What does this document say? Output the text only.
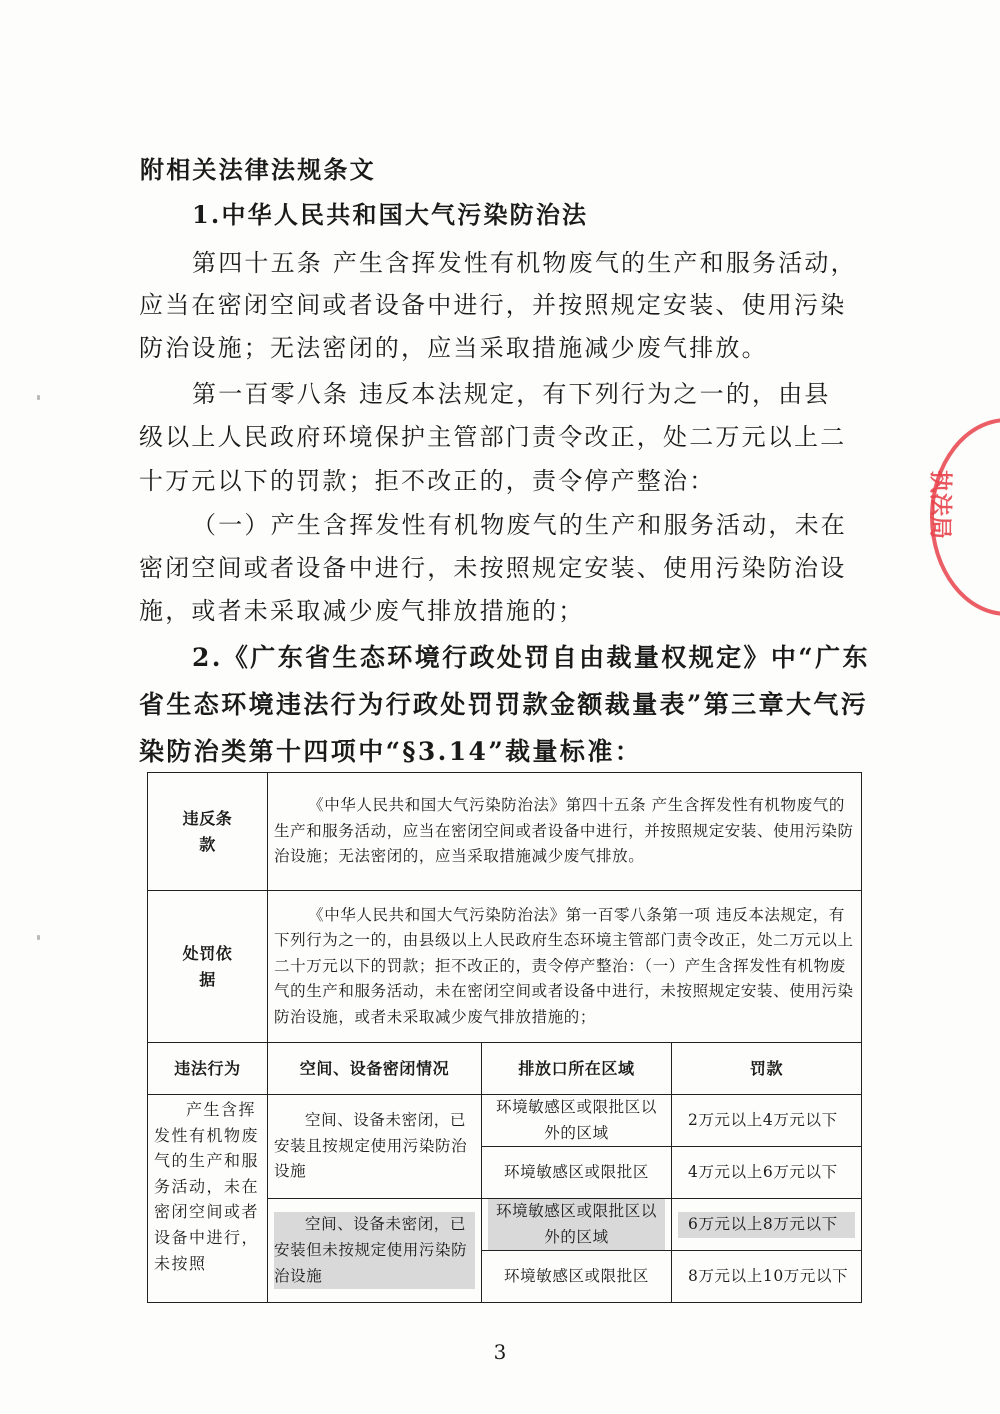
附相关法律法规条文
1.中华人民共和国大气污染防治法
第四十五条 产生含挥发性有机物废气的生产和服务活动，
应当在密闭空间或者设备中进行，并按照规定安装、使用污染
防治设施；无法密闭的，应当采取措施减少废气排放。
第一百零八条 违反本法规定，有下列行为之一的，由县
级以上人民政府环境保护主管部门责令改正，处二万元以上二
十万元以下的罚款；拒不改正的，责令停产整治：
（一）产生含挥发性有机物废气的生产和服务活动，未在
密闭空间或者设备中进行，未按照规定安装、使用污染防治设
施，或者未采取减少废气排放措施的；
2.《广东省生态环境行政处罚自由裁量权规定》中“广东
省生态环境违法行为行政处罚罚款金额裁量表”第三章大气污
染防治类第十四项中“§3.14”裁量标准：
违反条款	《中华人民共和国大气污染防治法》第四十五条 产生含挥发性有机物废气的生产和服务活动，应当在密闭空间或者设备中进行，并按照规定安装、使用污染防治设施；无法密闭的，应当采取措施减少废气排放。		

处罚依据	《中华人民共和国大气污染防治法》第一百零八条第一项 违反本法规定，有下列行为之一的，由县级以上人民政府生态环境主管部门责令改正，处二万元以上二十万元以下的罚款；拒不改正的，责令停产整治：（一）产生含挥发性有机物废气的生产和服务活动，未在密闭空间或者设备中进行，未按照规定安装、使用污染防治设施，或者未采取减少废气排放措施的；		

违法行为	空间、设备密闭情况	排放口所在区域	罚款

产生含挥发性有机物废气的生产和服务活动，未在密闭空间或者设备中进行，未按照	空间、设备未密闭，已安装且按规定使用污染防治设施	环境敏感区或限批区以外的区域	2万元以上4万元以下

		环境敏感区或限批区	4万元以上6万元以下

	空间、设备未密闭，已安装但未按规定使用污染防治设施	环境敏感区或限批区以外的区域	6万元以上8万元以下

		环境敏感区或限批区	8万元以上10万元以下
3
执法局
